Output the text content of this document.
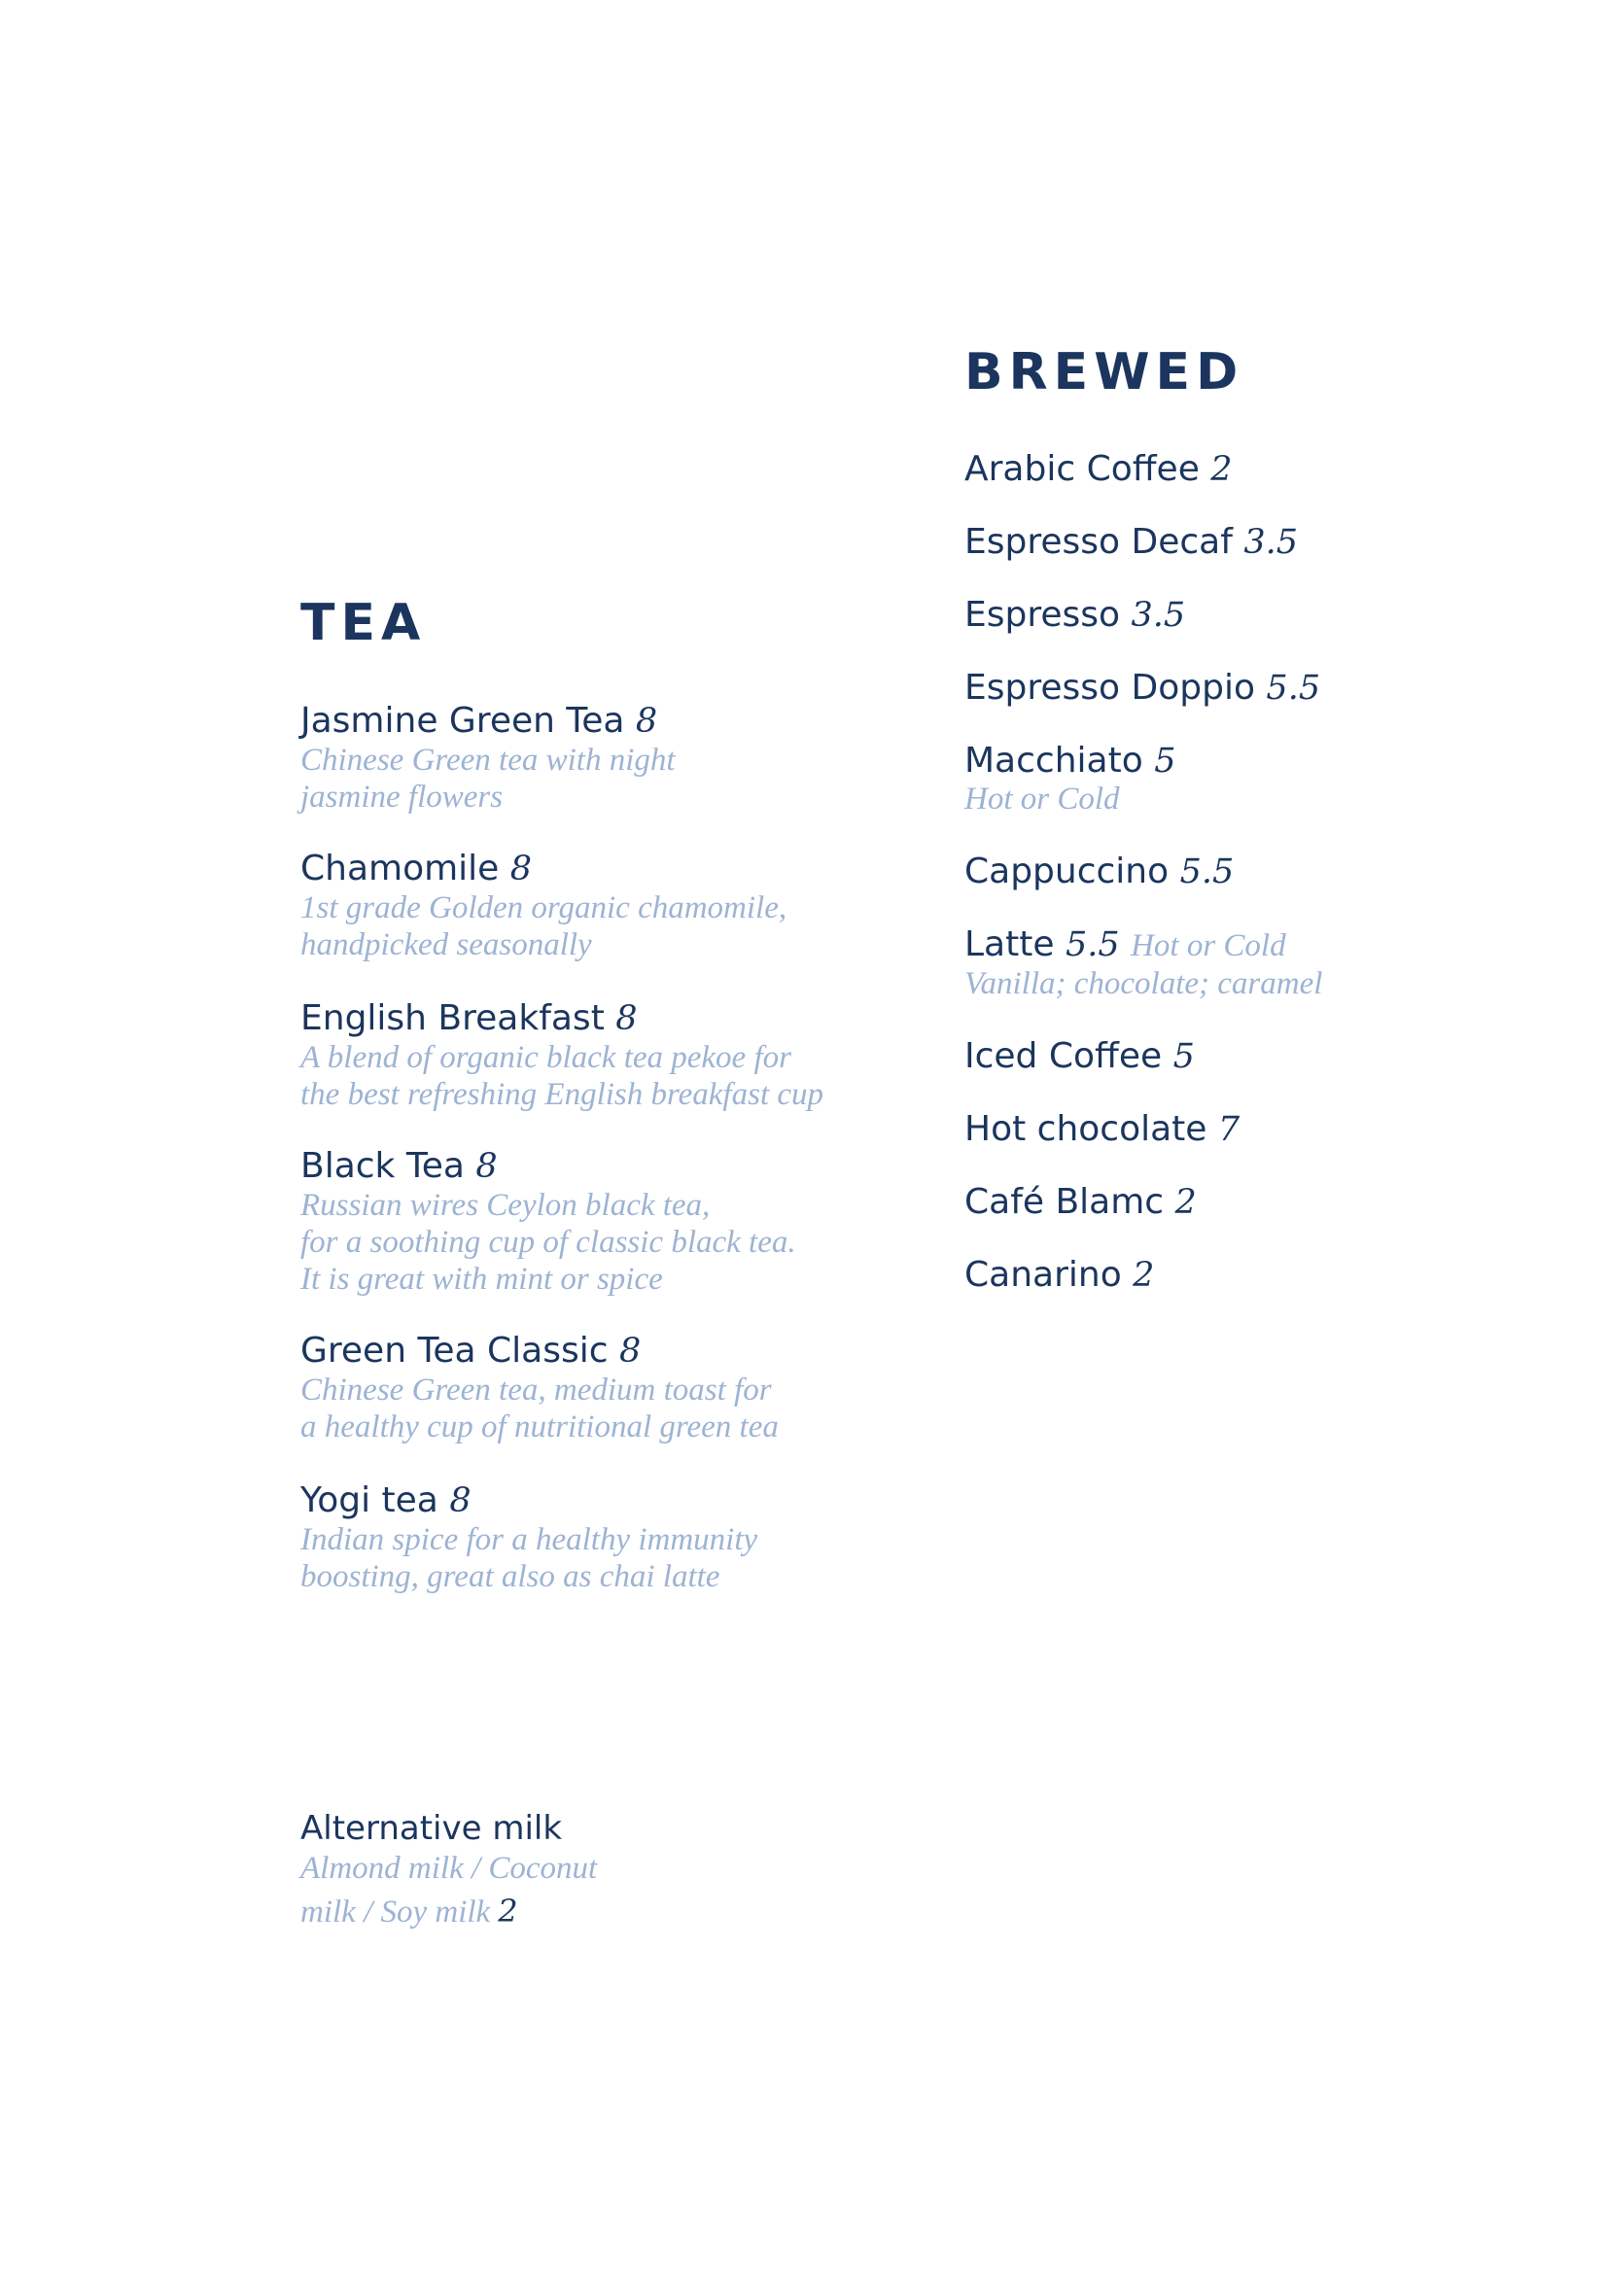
TEA
Jasmine Green Tea 8
Chinese Green tea with night
jasmine flowers
Chamomile 8
1st grade Golden organic chamomile,
handpicked seasonally
English Breakfast 8
A blend of organic black tea pekoe for
the best refreshing English breakfast cup
Black Tea 8
Russian wires Ceylon black tea,
for a soothing cup of classic black tea.
It is great with mint or spice
Green Tea Classic 8
Chinese Green tea, medium toast for
a healthy cup of nutritional green tea
Yogi tea 8
Indian spice for a healthy immunity
boosting, great also as chai latte
BREWED
Arabic Coffee 2
Espresso Decaf 3.5
Espresso 3.5
Espresso Doppio 5.5
Macchiato 5
Hot or Cold
Cappuccino 5.5
Latte 5.5 Hot or Cold
Vanilla; chocolate; caramel
Iced Coffee 5
Hot chocolate 7
Café Blamc 2
Canarino 2
Alternative milk
Almond milk / Coconut
milk / Soy milk 2
